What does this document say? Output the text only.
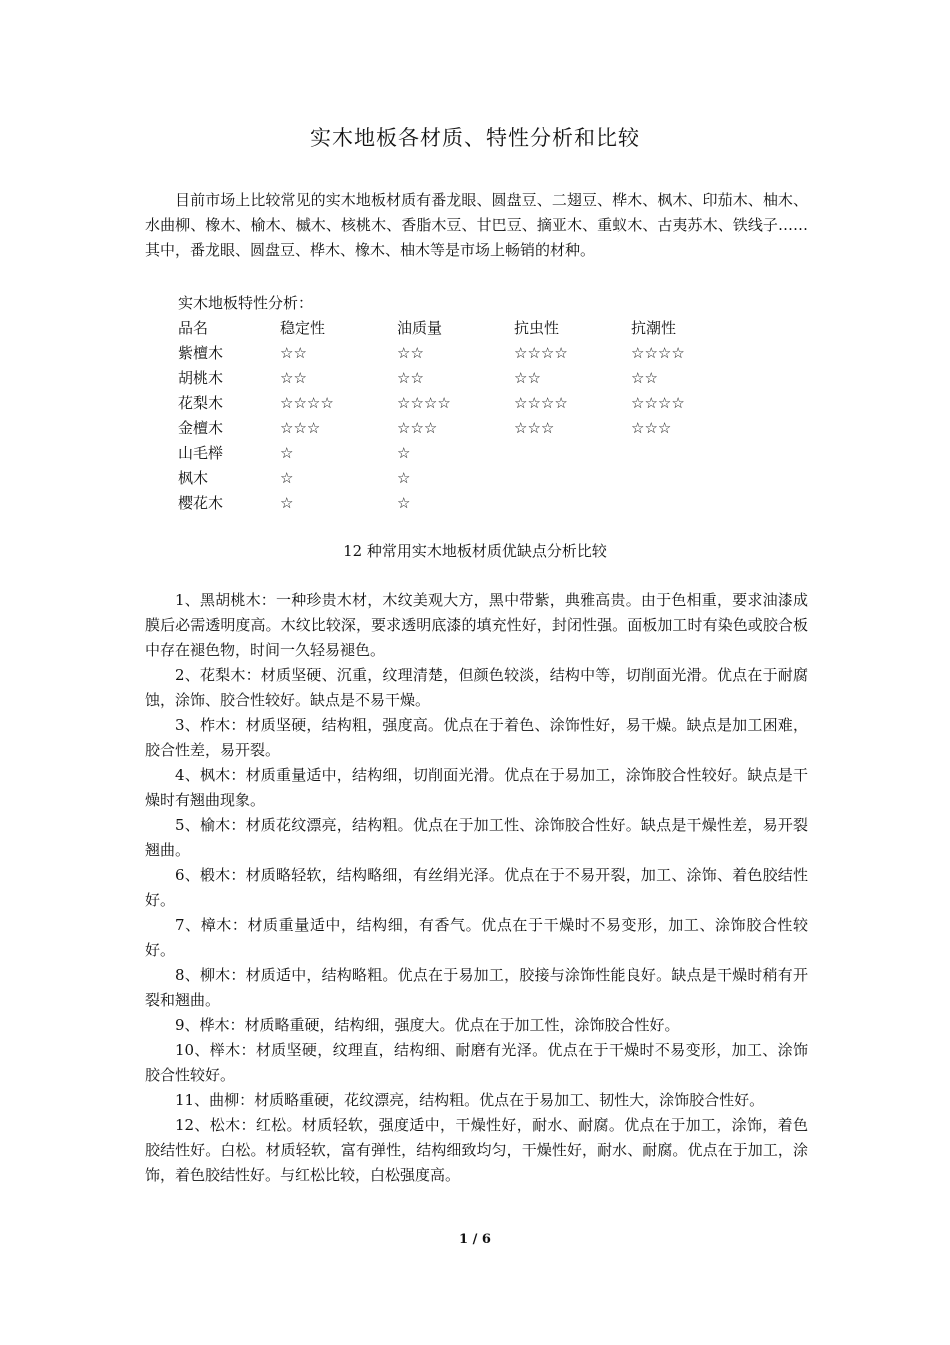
实木地板各材质、特性分析和比较

目前市场上比较常见的实木地板材质有番龙眼、圆盘豆、二翅豆、桦木、枫木、印茄木、柚木、水曲柳、橡木、榆木、槭木、核桃木、香脂木豆、甘巴豆、摘亚木、重蚁木、古夷苏木、铁线子……其中，番龙眼、圆盘豆、桦木、橡木、柚木等是市场上畅销的材种。

实木地板特性分析：
品名	稳定性	油质量	抗虫性	抗潮性
紫檀木	☆☆	☆☆	☆☆☆☆	☆☆☆☆
胡桃木	☆☆	☆☆	☆☆	☆☆
花梨木	☆☆☆☆	☆☆☆☆	☆☆☆☆	☆☆☆☆
金檀木	☆☆☆	☆☆☆	☆☆☆	☆☆☆
山毛榉	☆	☆		
枫木	☆	☆		
樱花木	☆	☆		
12 种常用实木地板材质优缺点分析比较

1、黑胡桃木：一种珍贵木材，木纹美观大方，黑中带紫，典雅高贵。由于色相重，要求油漆成膜后必需透明度高。木纹比较深，要求透明底漆的填充性好，封闭性强。面板加工时有染色或胶合板中存在褪色物，时间一久轻易褪色。

2、花梨木：材质坚硬、沉重，纹理清楚，但颜色较淡，结构中等，切削面光滑。优点在于耐腐蚀，涂饰、胶合性较好。缺点是不易干燥。

3、柞木：材质坚硬，结构粗，强度高。优点在于着色、涂饰性好，易干燥。缺点是加工困难，胶合性差，易开裂。

4、枫木：材质重量适中，结构细，切削面光滑。优点在于易加工，涂饰胶合性较好。缺点是干燥时有翘曲现象。

5、榆木：材质花纹漂亮，结构粗。优点在于加工性、涂饰胶合性好。缺点是干燥性差，易开裂翘曲。

6、椴木：材质略轻软，结构略细，有丝绢光泽。优点在于不易开裂，加工、涂饰、着色胶结性好。

7、樟木：材质重量适中，结构细，有香气。优点在于干燥时不易变形，加工、涂饰胶合性较好。

8、柳木：材质适中，结构略粗。优点在于易加工，胶接与涂饰性能良好。缺点是干燥时稍有开裂和翘曲。

9、桦木：材质略重硬，结构细，强度大。优点在于加工性，涂饰胶合性好。

10、榉木：材质坚硬，纹理直，结构细、耐磨有光泽。优点在于干燥时不易变形，加工、涂饰胶合性较好。

11、曲柳：材质略重硬，花纹漂亮，结构粗。优点在于易加工、韧性大，涂饰胶合性好。

12、松木：红松。材质轻软，强度适中，干燥性好，耐水、耐腐。优点在于加工，涂饰，着色胶结性好。白松。材质轻软，富有弹性，结构细致均匀，干燥性好，耐水、耐腐。优点在于加工，涂饰，着色胶结性好。与红松比较，白松强度高。

1 / 6
